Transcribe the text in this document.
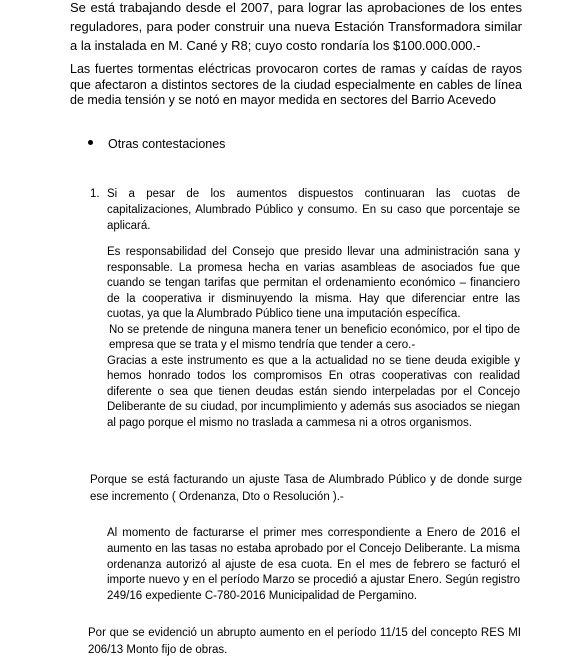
Se está trabajando desde el 2007, para lograr las aprobaciones de los entes reguladores, para poder construir una nueva Estación Transformadora similar a la instalada en M. Cané y R8; cuyo costo rondaría los $100.000.000.-

Las fuertes tormentas eléctricas provocaron cortes de ramas y caídas de rayos que afectaron a distintos sectores de la ciudad especialmente en cables de línea de media tensión y se notó en mayor medida en sectores del Barrio Acevedo

Otras contestaciones
1. Si a pesar de los aumentos dispuestos continuaran las cuotas de capitalizaciones, Alumbrado Público y consumo. En su caso que porcentaje se aplicará.

Es responsabilidad del Consejo que presido llevar una administración sana y responsable. La promesa hecha en varias asambleas de asociados fue que cuando se tengan tarifas que permitan el ordenamiento económico – financiero de la cooperativa ir disminuyendo la misma. Hay que diferenciar entre las cuotas, ya que la Alumbrado Público tiene una imputación específica.
No se pretende de ninguna manera tener un beneficio económico, por el tipo de empresa que se trata y el mismo tendría que tender a cero.-
Gracias a este instrumento es que a la actualidad no se tiene deuda exigible y hemos honrado todos los compromisos En otras cooperativas con realidad diferente o sea que tienen deudas están siendo interpeladas por el Concejo Deliberante de su ciudad, por incumplimiento y además sus asociados se niegan al pago porque el mismo no traslada a cammesa ni a otros organismos.

Porque se está facturando un ajuste Tasa de Alumbrado Público y de donde surge ese incremento ( Ordenanza, Dto o Resolución ).-

Al momento de facturarse el primer mes correspondiente a Enero de 2016 el aumento en las tasas no estaba aprobado por el Concejo Deliberante. La misma ordenanza autorizó al ajuste de esa cuota. En el mes de febrero se facturó el importe nuevo y en el período Marzo se procedió a ajustar Enero. Según registro 249/16 expediente C-780-2016 Municipalidad de Pergamino.

Por que se evidenció un abrupto aumento en el período 11/15 del concepto RES MI 206/13 Monto fijo de obras.
